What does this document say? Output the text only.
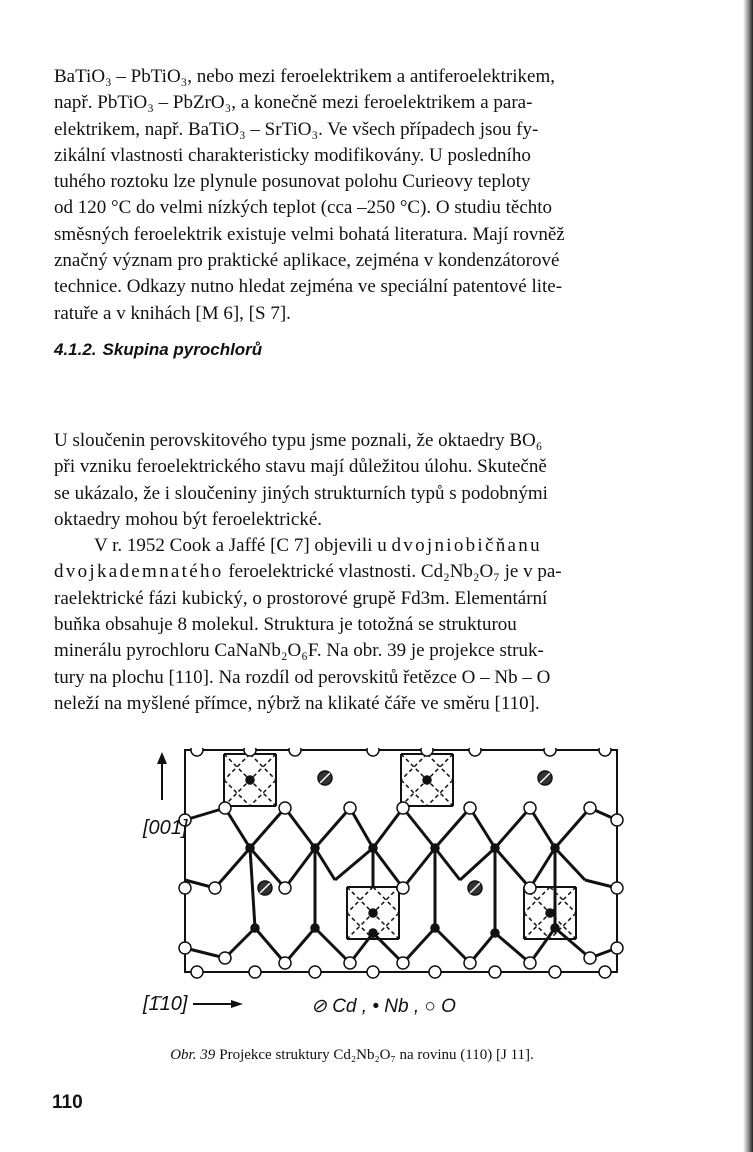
BaTiO₃ – PbTiO₃, nebo mezi feroelektrikem a antiferoelektrikem,

např. PbTiO₃ – PbZrO₃, a konečně mezi feroelektrikem a para-

elektrikem, např. BaTiO₃ – SrTiO₃. Ve všech případech jsou fy-

zikální vlastnosti charakteristicky modifikovány. U posledního

tuhého roztoku lze plynule posunovat polohu Curieovy teploty

od 120 °C do velmi nízkých teplot (cca –250 °C). O studiu těchto

směsných feroelektrik existuje velmi bohatá literatura. Mají rovněž

značný význam pro praktické aplikace, zejména v kondenzátorové

technice. Odkazy nutno hledat zejména ve speciální patentové lite-

ratuře a v knihách [M 6], [S 7].

4.1.2. Skupina pyrochlorů

U sloučenin perovskitového typu jsme poznali, že oktaedry BO₆

při vzniku feroelektrického stavu mají důležitou úlohu. Skutečně

se ukázalo, že i sloučeniny jiných strukturních typů s podobnými

oktaedry mohou být feroelektrické.

V r. 1952 Cook a Jaffé [C 7] objevili u dvojniobičňanu

dvojkademnatého feroelektrické vlastnosti. Cd₂Nb₂O₇ je v pa-

raelektrické fázi kubický, o prostorové grupě Fd3m. Elementární

buňka obsahuje 8 molekul. Struktura je totožná se strukturou

minerálu pyrochloru CaNaNb₂O₆F. Na obr. 39 je projekce struk-

tury na plochu [110]. Na rozdíl od perovskitů řetězce O – Nb – O

neleží na myšlené přímce, nýbrž na klikaté čáře ve směru [110].

[001]
[1̄10]	⊘ Cd , • Nb , ○ O
Obr. 39 Projekce struktury Cd₂Nb₂O₇ na rovinu (110) [J 11].
110
